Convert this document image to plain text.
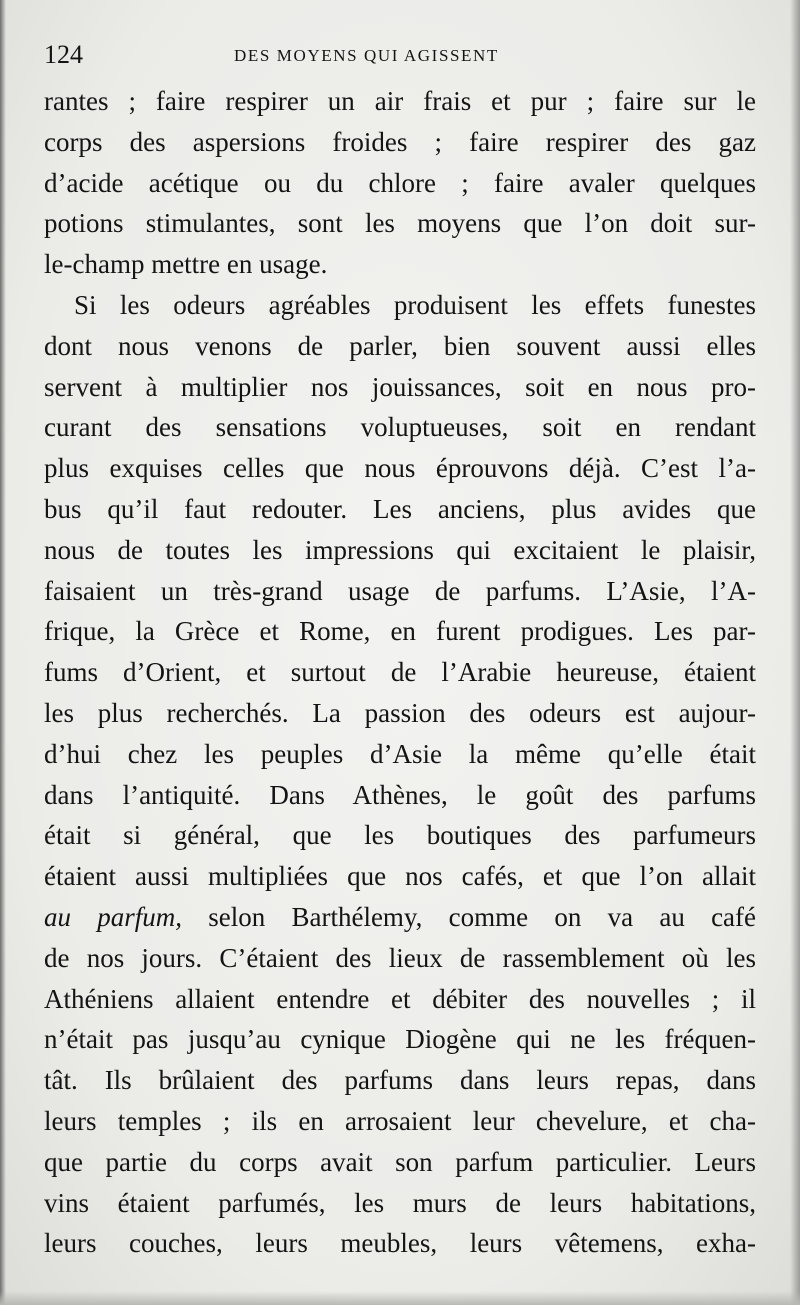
124	DES MOYENS QUI AGISSENT
rantes ; faire respirer un air frais et pur ; faire sur le
corps des aspersions froides ; faire respirer des gaz
d’acide acétique ou du chlore ; faire avaler quelques
potions stimulantes, sont les moyens que l’on doit sur-
le-champ mettre en usage.
Si les odeurs agréables produisent les effets funestes
dont nous venons de parler, bien souvent aussi elles
servent à multiplier nos jouissances, soit en nous pro-
curant des sensations voluptueuses, soit en rendant
plus exquises celles que nous éprouvons déjà. C’est l’a-
bus qu’il faut redouter. Les anciens, plus avides que
nous de toutes les impressions qui excitaient le plaisir,
faisaient un très-grand usage de parfums. L’Asie, l’A-
frique, la Grèce et Rome, en furent prodigues. Les par-
fums d’Orient, et surtout de l’Arabie heureuse, étaient
les plus recherchés. La passion des odeurs est aujour-
d’hui chez les peuples d’Asie la même qu’elle était
dans l’antiquité. Dans Athènes, le goût des parfums
était si général, que les boutiques des parfumeurs
étaient aussi multipliées que nos cafés, et que l’on allait
au parfum, selon Barthélemy, comme on va au café
de nos jours. C’étaient des lieux de rassemblement où les
Athéniens allaient entendre et débiter des nouvelles ; il
n’était pas jusqu’au cynique Diogène qui ne les fréquen-
tât. Ils brûlaient des parfums dans leurs repas, dans
leurs temples ; ils en arrosaient leur chevelure, et cha-
que partie du corps avait son parfum particulier. Leurs
vins étaient parfumés, les murs de leurs habitations,
leurs couches, leurs meubles, leurs vêtemens, exha-
